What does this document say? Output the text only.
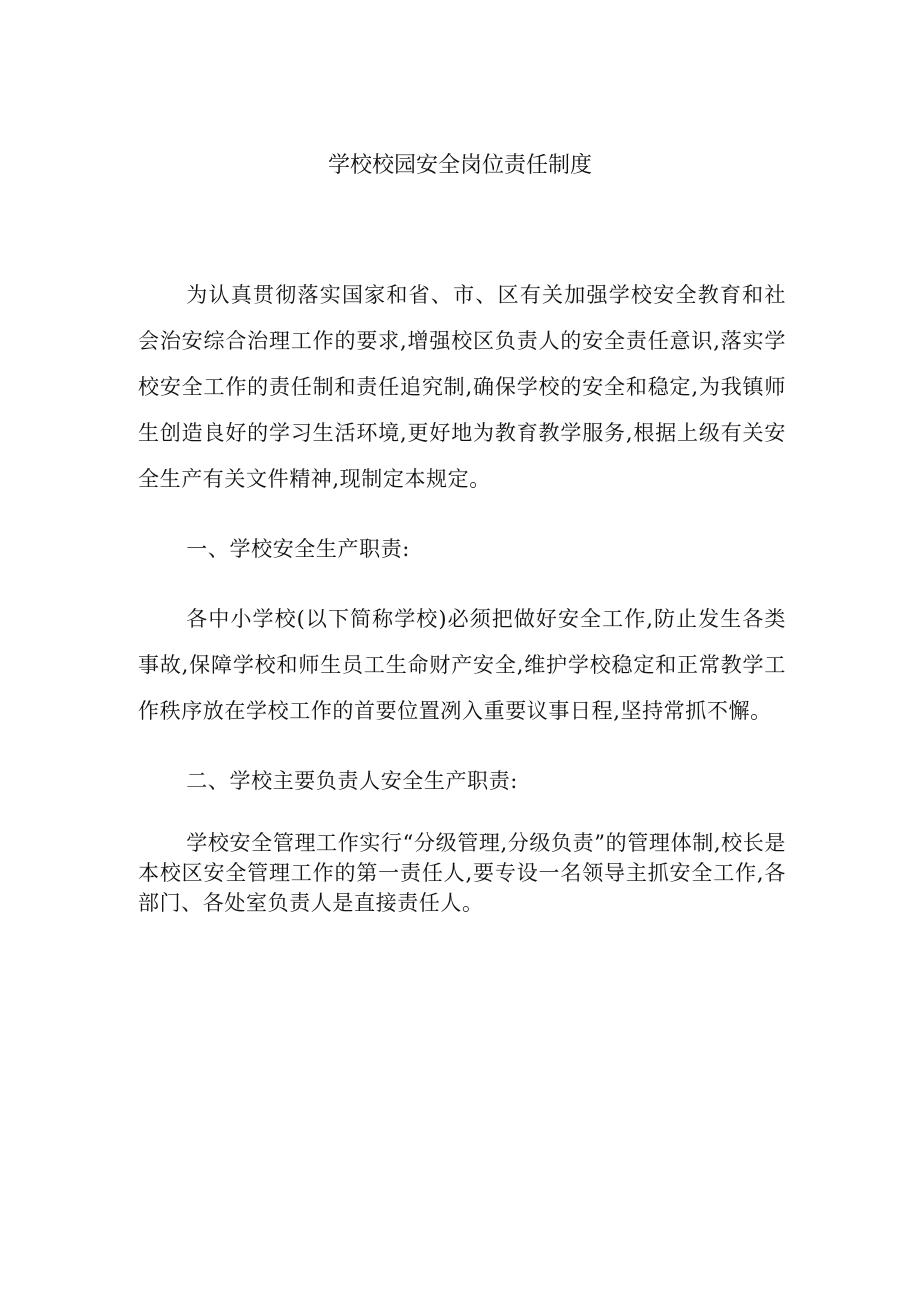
学校校园安全岗位责任制度

为认真贯彻落实国家和省、市、区有关加强学校安全教育和社会治安综合治理工作的要求,增强校区负责人的安全责任意识,落实学校安全工作的责任制和责任追究制,确保学校的安全和稳定,为我镇师生创造良好的学习生活环境,更好地为教育教学服务,根据上级有关安全生产有关文件精神,现制定本规定。

一、学校安全生产职责:

各中小学校(以下简称学校)必须把做好安全工作,防止发生各类事故,保障学校和师生员工生命财产安全,维护学校稳定和正常教学工作秩序放在学校工作的首要位置冽入重要议事日程,坚持常抓不懈。

二、学校主要负责人安全生产职责:

学校安全管理工作实行“分级管理,分级负责”的管理体制,校长是本校区安全管理工作的第一责任人,要专设一名领导主抓安全工作,各部门、各处室负责人是直接责任人。
